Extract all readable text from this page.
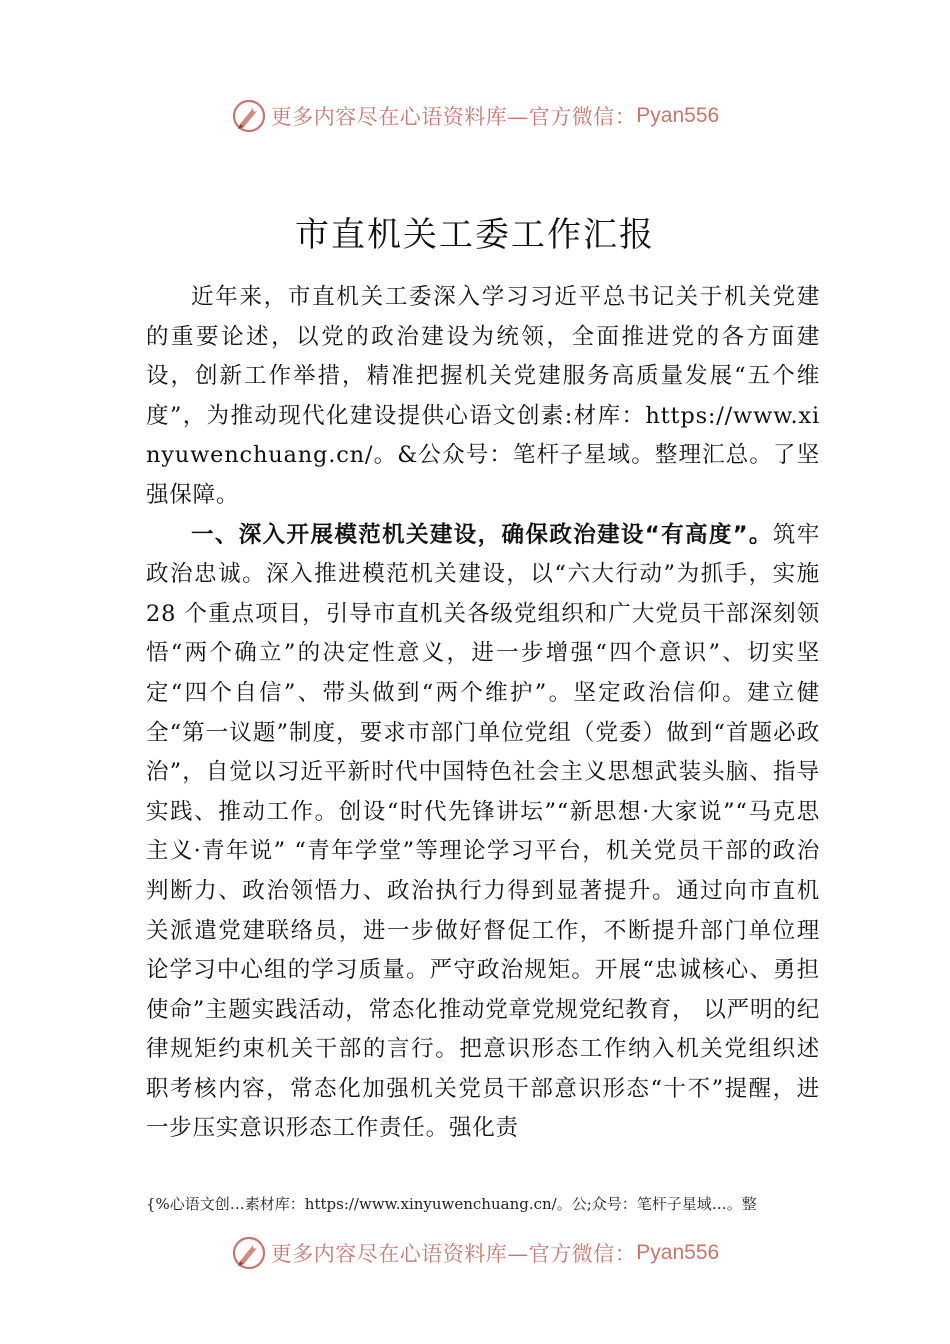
更多内容尽在心语资料库—官方微信： Pyan556
市直机关工委工作汇报

近年来，市直机关工委深入学习习近平总书记关于机关党建的重要论述，以党的政治建设为统领，全面推进党的各方面建设，创新工作举措，精准把握机关党建服务高质量发展“五个维度”，为推动现代化建设提供心语文创素:材库：https://www.xinyuwenchuang.cn/。&公众号：笔杆子星域。整理汇总。了坚强保障。

一、深入开展模范机关建设，确保政治建设“有高度”。筑牢政治忠诚。深入推进模范机关建设，以“六大行动”为抓手，实施 28 个重点项目，引导市直机关各级党组织和广大党员干部深刻领悟“两个确立”的决定性意义，进一步增强“四个意识”、切实坚定“四个自信”、带头做到“两个维护”。坚定政治信仰。建立健全“第一议题”制度，要求市部门单位党组（党委）做到“首题必政治”，自觉以习近平新时代中国特色社会主义思想武装头脑、指导实践、推动工作。创设“时代先锋讲坛”“新思想·大家说”“马克思主义·青年说” “青年学堂”等理论学习平台，机关党员干部的政治判断力、政治领悟力、政治执行力得到显著提升。通过向市直机关派遣党建联络员，进一步做好督促工作，不断提升部门单位理论学习中心组的学习质量。严守政治规矩。开展“忠诚核心、勇担使命”主题实践活动，常态化推动党章党规党纪教育， 以严明的纪律规矩约束机关干部的言行。把意识形态工作纳入机关党组织述职考核内容，常态化加强机关党员干部意识形态“十不”提醒，进一步压实意识形态工作责任。强化责

{%心语文创…素材库：https://www.xinyuwenchuang.cn/。公;众号：笔杆子星域…。整
更多内容尽在心语资料库—官方微信： Pyan556
